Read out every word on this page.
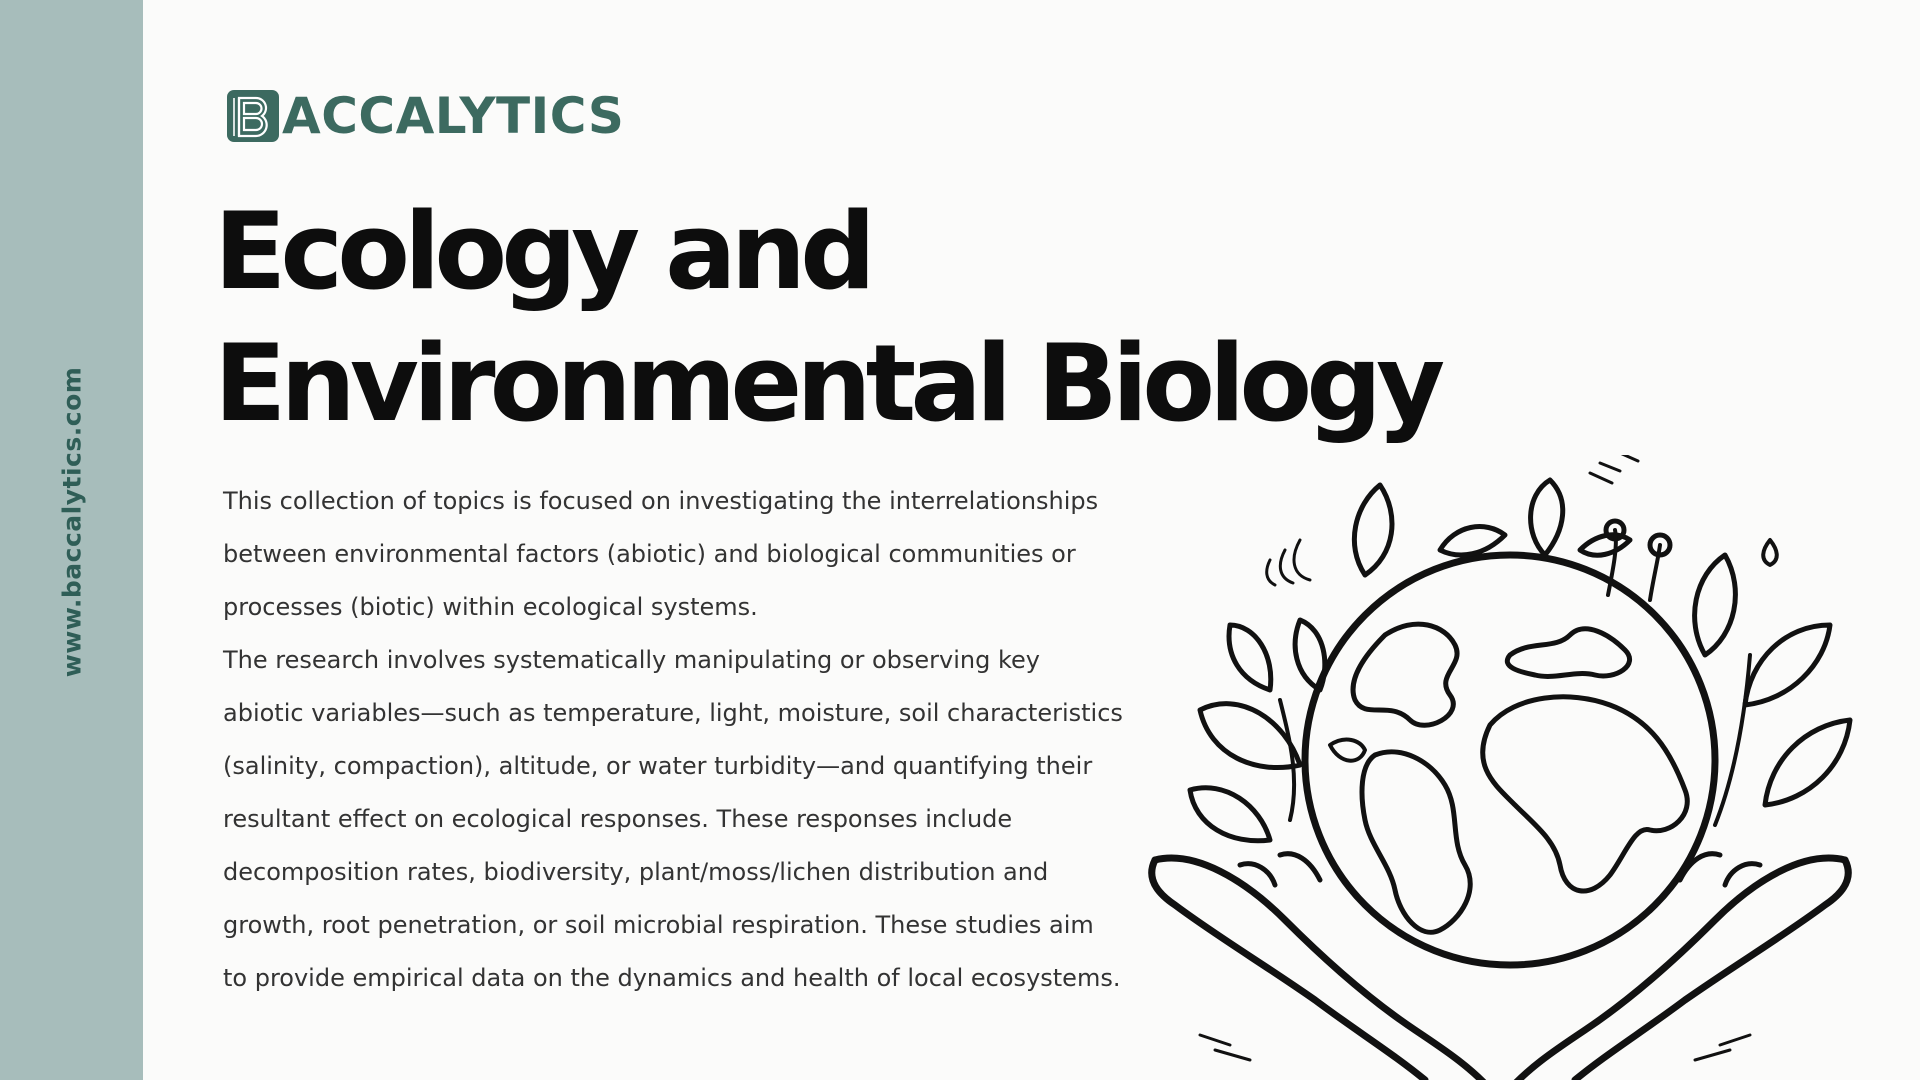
www.baccalytics.com
ACCALYTICS
Ecology and
Environmental Biology

This collection of topics is focused on investigating the interrelationships between environmental factors (abiotic) and biological communities or processes (biotic) within ecological systems.

The research involves systematically manipulating or observing key abiotic variables—such as temperature, light, moisture, soil characteristics (salinity, compaction), altitude, or water turbidity—and quantifying their resultant effect on ecological responses. These responses include decomposition rates, biodiversity, plant/moss/lichen distribution and growth, root penetration, or soil microbial respiration. These studies aim to provide empirical data on the dynamics and health of local ecosystems.
